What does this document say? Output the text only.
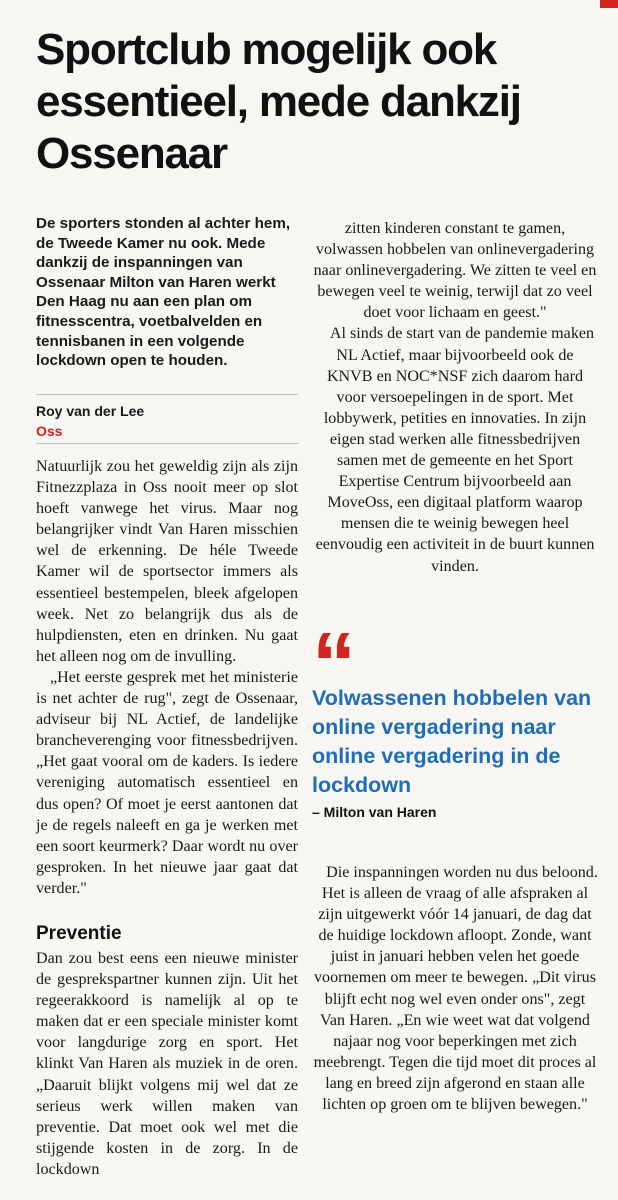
Sportclub mogelijk ook essentieel, mede dankzij Ossenaar

De sporters stonden al achter hem, de Tweede Kamer nu ook. Mede dankzij de inspanningen van Ossenaar Milton van Haren werkt Den Haag nu aan een plan om fitnesscentra, voetbalvelden en tennisbanen in een volgende lockdown open te houden.

Roy van der Lee
Oss

Natuurlijk zou het geweldig zijn als zijn Fitnezzplaza in Oss nooit meer op slot hoeft vanwege het virus. Maar nog belangrijker vindt Van Haren misschien wel de erkenning. De héle Tweede Kamer wil de sportsector immers als essentieel bestempelen, bleek afgelopen week. Net zo belangrijk dus als de hulpdiensten, eten en drinken. Nu gaat het alleen nog om de invulling.

„Het eerste gesprek met het ministerie is net achter de rug", zegt de Ossenaar, adviseur bij NL Actief, de landelijke brancheverenging voor fitnessbedrijven. „Het gaat vooral om de kaders. Is iedere vereniging automatisch essentieel en dus open? Of moet je eerst aantonen dat je de regels naleeft en ga je werken met een soort keurmerk? Daar wordt nu over gesproken. In het nieuwe jaar gaat dat verder."

Preventie

Dan zou best eens een nieuwe minister de gesprekspartner kunnen zijn. Uit het regeerakkoord is namelijk al op te maken dat er een speciale minister komt voor langdurige zorg en sport. Het klinkt Van Haren als muziek in de oren. „Daaruit blijkt volgens mij wel dat ze serieus werk willen maken van preventie. Dat moet ook wel met die stijgende kosten in de zorg. In de lockdown

zitten kinderen constant te gamen, volwassen hobbelen van onlinevergadering naar onlinevergadering. We zitten te veel en bewegen veel te weinig, terwijl dat zo veel doet voor lichaam en geest."

Al sinds de start van de pandemie maken NL Actief, maar bijvoorbeeld ook de KNVB en NOC*NSF zich daarom hard voor versoepelingen in de sport. Met lobbywerk, petities en innovaties. In zijn eigen stad werken alle fitnessbedrijven samen met de gemeente en het Sport Expertise Centrum bijvoorbeeld aan MoveOss, een digitaal platform waarop mensen die te weinig bewegen heel eenvoudig een activiteit in de buurt kunnen vinden.

“
Volwassenen hobbelen van online vergadering naar online vergadering in de lockdown
– Milton van Haren

Die inspanningen worden nu dus beloond. Het is alleen de vraag of alle afspraken al zijn uitgewerkt vóór 14 januari, de dag dat de huidige lockdown afloopt. Zonde, want juist in januari hebben velen het goede voornemen om meer te bewegen. „Dit virus blijft echt nog wel even onder ons", zegt Van Haren. „En wie weet wat dat volgend najaar nog voor beperkingen met zich meebrengt. Tegen die tijd moet dit proces al lang en breed zijn afgerond en staan alle lichten op groen om te blijven bewegen."
